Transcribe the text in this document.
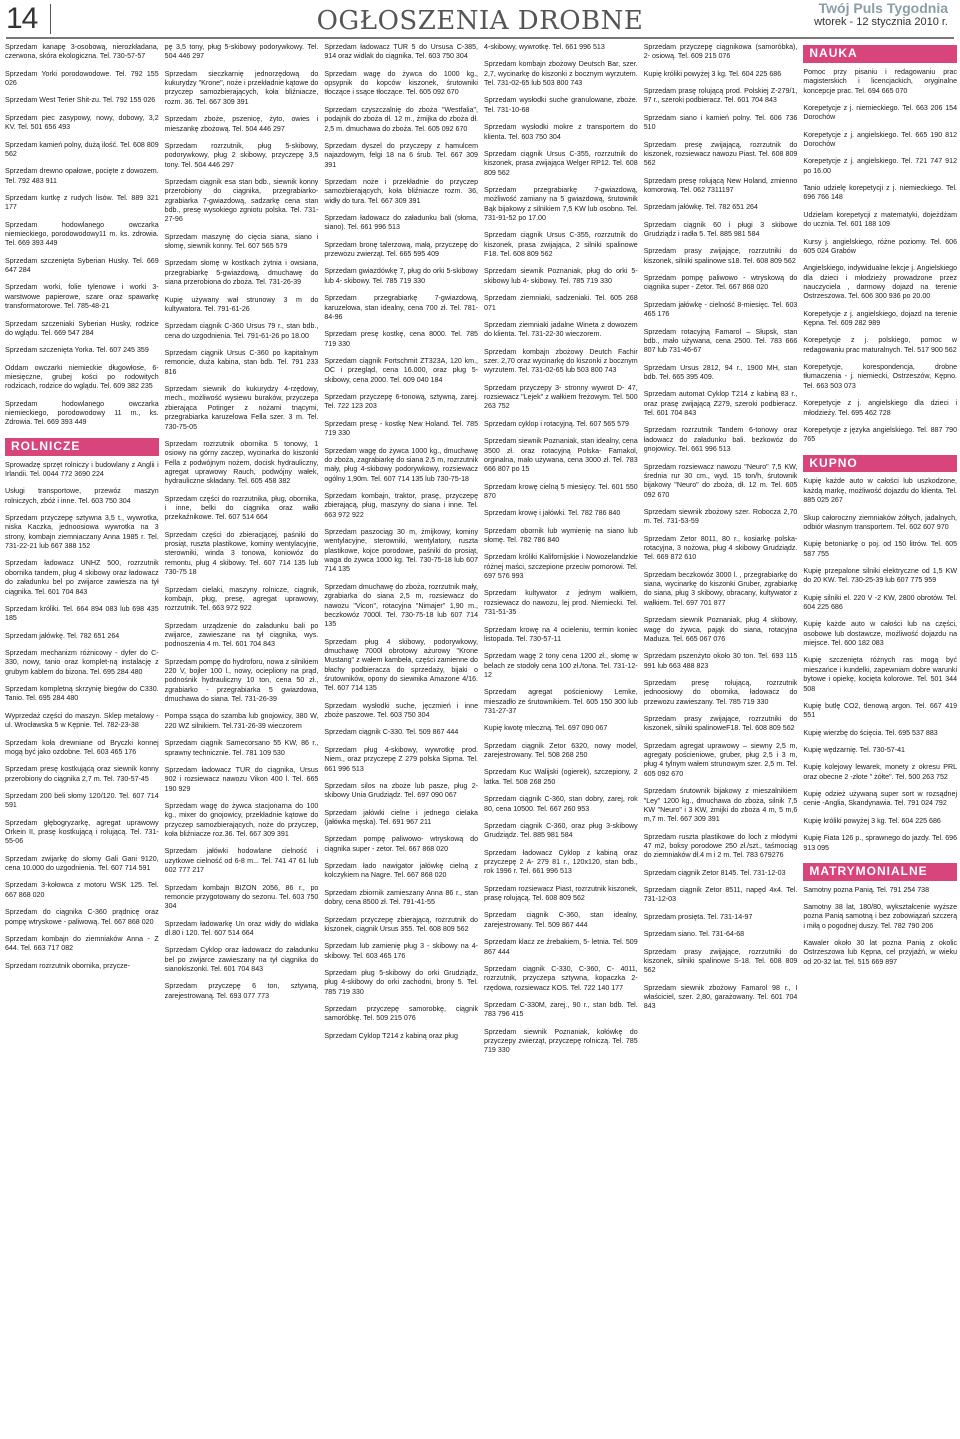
14	OGŁOSZENIA DROBNE	Twój Puls Tygodnia
wtorek - 12 stycznia 2010 r.

Sprzedam kanapę 3-osobową, nierozkładana, czerwona, skóra ekologiczna. Tel. 730-57-57

Sprzedam Yorki porodowodowe. Tel. 792 155 026

Sprzedam West Terier Shit-zu. Tel. 792 155 026

Sprzedam piec zasypowy, nowy, dobowy, 3,2 KV. Tel. 501 656 493

Sprzedam kamień polny, dużą ilość. Tel. 608 809 562

Sprzedam drewno opałowe, pocięte z dowozem. Tel. 792 483 911

Sprzedam kurtkę z rudych lisów. Tel. 889 321 177

Sprzedam hodowlanego owczarka niemieckiego, porodowodowy11 m. ks. zdrowia. Tel. 669 393 449

Sprzedam szczenięta Syberian Husky. Tel. 669 647 284

Sprzedam worki, folie tylenowe i worki 3-warstwowe papierowe, szare oraz spawarkę transformatorowe. Tel. 785-48-21

Sprzedam szczeniaki Syberian Husky, rodzice do wglądu. Tel. 669 547 284

Sprzedam szczenięta Yorka. Tel. 607 245 359

Oddam owczarki niemieckie długowłose, 6-miesięczne, grubej kości po rodowitych rodzicach, rodzice do wglądu. Tel. 609 382 235

Sprzedam hodowlanego owczarka niemieckiego, porodowodowy 11 m., ks. Zdrowia. Tel. 669 393 449

ROLNICZE

Sprowadzę sprzęt rolniczy i budowlany z Anglii i Irlandii. Tel. 0044 772 3690 224

Usługi transportowe, przewóz maszyn rolniczych, zbóż i inne. Tel. 603 750 304

Sprzedam przyczepę sztywna 3,5 t., wywrotka, niska Kaczka, jednoosiowa wywrotka na 3 strony, kombajn ziemniaczany Anna 1985 r. Tel. 731-22-21 lub 667 388 152

Sprzedam ładowacz UNHZ 500, rozrzutnik obornika tandem, pług 4 skibowy oraz ładowacz do załadunku bel po zwijarce zawiesza na tył ciągnika. Tel. 601 704 843

Sprzedam króliki. Tel. 664 894 083 lub 698 435 185

Sprzedam jałówkę. Tel. 782 651 264

Sprzedam mechanizm różnicowy - dyfer do C-330, nowy, tanio oraz komplet-ną instalację z grubym kablem do bizona. Tel. 695 284 480

Sprzedam kompletną skrzynię biegów do C330. Tanio. Tel. 695 284 480

Wyprzedaż części do maszyn. Sklep metalowy - ul. Wrocławska 5 w Kępnie. Tel. 782-23-38

Sprzedam koła drewniane od Bryczki konnej mogą być jako ozdobne. Tel. 603 465 176

Sprzedam presę kostkującą oraz siewnik konny przerobiony do ciągnika 2,7 m. Tel. 730-57-45

Sprzedam 200 beli słomy 120/120. Tel. 607 714 591

Sprzedam głębogryzarkę, agregat uprawowy Orkein II, prasę kostkującą i rolującą. Tel. 731-55-06

Sprzedam zwijarkę do słomy Gali Gani 9120, cena 10.000 do uzgodnienia. Tel. 607 714 591

Sprzedam 3-kołowca z motoru WSK 125. Tel. 667 868 020

Sprzedam do ciągnika C-360 prądnicę oraz pompę wtryskowe - paliwową. Tel. 667 868 020

Sprzedam kombajn do ziemniaków Anna - Z 644. Tel. 663 717 082

Sprzedam rozrzutnik obornika, przycze-

pę 3,5 tony, pług 5-skibowy podorywkowy. Tel. 504 446 297

Sprzedam sieczkarnię jednorzędową do kukurydzy "Krone", noże i przekładnie kątowe do przyczep samozbierających, koła bliźniacze, rozm. 36. Tel. 667 309 391

Sprzedam zboże, pszenicę, żyto, owies i mieszankę zbożową. Tel. 504 446 297

Sprzedam rozrzutnik, pług 5-skibowy, podorywkowy, pług 2 skibowy, przyczepę 3,5 tony. Tel. 504 446 297

Sprzedam ciągnik esa stan bdb., siewnik konny przerobiony do ciągnika, przegrabiarko-zgrabiarka 7-gwiazdową, sadzarkę cena stan bdb., presę wysokiego zgniotu polska. Tel. 731-27-96

Sprzedam maszynę do cięcia siana, siano i słomę, siewnik konny. Tel. 607 565 579

Sprzedam słomę w kostkach żytnia i owsiana, przegrabiarkę 5-gwiazdową, dmuchawę do siana przerobiona do zbożа. Tel. 731-26-39

Kupię używany wał strunowy 3 m do kultywatora. Tel. 791-61-26

Sprzedam ciągnik C-360 Ursus 79 r., stan bdb., cena do uzgodnienia. Tel. 791-61-26 po 18.00

Sprzedam ciągnik Ursus C-360 po kapitalnym remoncie, duża kabina, stan bdb. Tel. 791 233 816

Sprzedam siewnik do kukurydzy 4-rzędowy, mech., możliwość wysiewu buraków, przyczepa zbierająca Potinger z nożami tnącymi, przegrabiarka karuzelowa Fella szer. 3 m. Tel. 730-75-05

Sprzedam rozrzutnik obornika 5 tonowy, 1 osiowy na górny zaczep, wycinarka do kiszonki Fella z podwójnym nożem, docisk hydrauliczny, agregat uprawowy Rauch, podwójny wałek, hydrauliczne składany. Tel. 605 458 382

Sprzedam części do rozrzutnika, pług, obornika, i inne, belki do ciągnika oraz wałki przekaźnikowe. Tel. 607 514 664

Sprzedam części do zbieracjącej, paśniki do prosiąt, rusztа plastikowe, kominy wentylacyjne, sterowniki, winda 3 tonowa, koniowóz do remontu, pług 4 skibowy. Tel. 607 714 135 lub 730-75 18

Sprzedam cielaki, maszyny rolnicze, ciągnik, kombajn, pług, presę, agregat uprawowy, rozrzutnik. Tel. 663 972 922

Sprzedam urządzenie do załadunku bali po zwijarce, zawieszane na tył ciągnika, wys. podnoszenia 4 m. Tel. 601 704 843

Sprzedam pompę do hydroforu, nowa z silnikiem 220 V, bojler 100 l., nowy, ociepliony na prąd, podnośnik hydrauliczny 10 ton, cena 50 zł., zgrabiarko - przegrabiarka 5 gwiazdowa, dmuchawa do siana. Tel. 731-26-39

Pompa ssąca do szamba lub gnojowicy, 380 W, 220 WZ silnikiem. Tel.731-26-39 wieczorem

Sprzedam ciągnik Samecorsano 55 KW, 86 r., sprawny technicznie. Tel. 781 109 530

Sprzedam ładowacz TUR do ciągnika, Ursus 902 i rozsiewacz nawozu Vikon 400 l. Tel. 665 190 929

Sprzedam wagę do żywca stacjonarna do 100 kg., mixer do gnojowicy, przekładnie kątowe do przyczep samozbierających, noże do przyczep, koła bliźniacze roz.36. Tel. 667 309 391

Sprzedam jałówki hodowlane cielność i uzytkowe cielność od 6-8 m... Tel. 741 47 61 lub 602 777 217

Sprzedam kombajn BIZON 2056, 86 r., po remoncie przygotowany do sezonu. Tel. 603 750 304

Sprzedam ładowarkę Un oraz widły do widlaka dl.80 i 120. Tel. 607 514 664

Sprzedam Cyklop oraz ładowacz do załadunku bel po zwijarce zawieszany na tył ciągnika do sianokiszonki. Tel. 601 704 843

Sprzedam przyczepę 6 ton, sztywną, zarejestrowaną. Tel. 693 077 773

Sprzedam ładowacz TUR 5 do Ursusa C-385, 914 oraz widlak do ciągnika. Tel. 603 750 304

Sprzedam wagę do żywca do 1000 kg., opsypnik do kopców kiszonek, śrutowniki tłoczące i ssące tłoczące. Tel. 605 092 670

Sprzedam czyszczalnię do zboża "Westfalia", podajnik do zboża dł. 12 m., żmijka do zboża dł. 2,5 m. dmuchawa do zboża. Tel. 605 092 670

Sprzedam dyszel do przyczepy z hamulcem najazdowym, felgi 18 na 6 śrub. Tel. 667 309 391

Sprzedam noże i przekładnie do przyczep samozbierających, koła bliźniacze rozm. 36, widły do tura. Tel. 667 309 391

Sprzedam ładowacz do załadunku bali (słoma, siano). Tel. 661 996 513

Sprzedam bronę talerzową, małą, przyczepę do przewozu zwierząt. Tel. 665 595 409

Sprzedam gwiazdówkę 7, pług do orki 5-skibowy lub 4- skibowy. Tel. 785 719 330

Sprzedam przegrabiarkę 7-gwiazdową, karuzelowa, stan idealny, cena 700 zł. Tel. 781-84-96

Sprzedam presę kostkę, cena 8000. Tel. 785 719 330

Sprzedam ciągnik Fortschmit ZT323A, 120 km., OC i przegląd, cena 16.000, oraz pług 5-skibowy, cena 2000. Tel. 609 040 184

Sprzedam przyczepę 6-tonową, sztywną, zarej. Tel. 722 123 203

Sprzedam presę - kostkę New Holand. Tel. 785 719 330

Sprzedam wagę do żywca 1000 kg., dmuchawę do zboża, zagrabiarkę do siana 2,5 m, rozrzutnik mały, pług 4-skibowy podorywkowy, rozsiewacz ogólny 1,90m. Tel. 607 714 135 lub 730-75-18

Sprzedam kombajn, traktor, prasę, przyczepę zbierającą, pług, maszyny do siana i inne. Tel. 663 972 922

Sprzedam paszociąg 30 m, żmijkowy, kominy wentylacyjne, sterowniki, wentylatory, rusztа plastikowe, kojce porodowe, paśniki do prosiąt, waga do żywca 1000 kg. Tel. 730-75-18 lub 607 714 135

Sprzedam dmuchawę do zboża, rozrzutnik mały, zgrabiarka do siana 2,5 m, rozsiewacz do nawozu "Vicon", rotacyjna "Nimajer" 1,90 m., beczkowóz 7000l. Tel. 730-75-18 lub 607 714 135

Sprzedam pług 4 skibowy, podorywkowy, dmuchawę 7000l obrotowy ażurowy "Krone Mustang" z wałem kambeła, części zamienne do błachy podbieracza do sprzedaży, bijaki o śrutowników, opony do siewnika Amazone 4/16. Tel. 607 714 135

Sprzedam wysłodki suche, jęczmień i inne zboże paszowe. Tel. 603 750 304

Sprzedam ciągnik C-330. Tel. 509 867 444

Sprzedam pług 4-skibowy, wywrotkę prod. Niem., oraz przyczepę Z 279 polska Sipma. Tel. 661 996 513

Sprzedam silos na zboże lub pasze, pług 2-skibowy Unia Grudziądz. Tel. 697 090 067

Sprzedam jałówki cielne i jednego cielaka (jałówka męska). Tel. 691 967 211

Sprzedam pompę paliwowo- wtryskową do ciągnika super - zetor. Tel. 667 868 020

Sprzedam łado nawigator jałówkę cielną z kolczykiem na Nagre. Tel. 667 868 020

Sprzedam zbiornik zamieszany Anna 86 r., stan dobry, cena 8500 zł. Tel. 791-41-55

Sprzedam przyczepę zbierającą, rozrzutnik do kiszonek, ciągnik Ursus 355. Tel. 608 809 562

Sprzedam lub zamienię pług 3 - skibowy na 4-skibowy. Tel. 603 465 176

Sprzedam pług 5-skibowy do orki Grudziądz, pług 4-skibowy do orki zachodni, brony 5. Tel. 785 719 330

Sprzedam przyczepę samorobkę, ciągnik samoróbkę. Tel. 509 215 076

Sprzedam Cyklop T214 z kabiną oraz pług

4-skibowy, wywrotkę. Tel. 661 996 513

Sprzedam kombajn zbożowy Deutsch Bar, szer. 2,7, wycinarkę do kiszonki z bocznym wyrzutem. Tel. 731-02-65 lub 503 800 743

Sprzedam wysłodki suche granulowane, zboże. Tel. 731-10-68

Sprzedam wysłodki mokre z transportem do klienta. Tel. 603 750 304

Sprzedam ciągnik Ursus C-355, rozrzutnik do kiszonek, prasa zwijająca Welger RP12. Tel. 608 809 562

Sprzedam przegrabiarkę 7-gwiazdową, możliwość zamiany na 5 gwiazdową, śrutownik Bąk bijakowy z silnikiem 7,5 KW lub osobno. Tel. 731-91-52 po 17.00

Sprzedam ciągnik Ursus C-355, rozrzutnik do kiszonek, prasa zwijająca, 2 silniki spalinowe F18. Tel. 608 809 562

Sprzedam siewnik Poznaniak, pług do orki 5-skibowy lub 4- skibowy. Tel. 785 719 330

Sprzedam ziemniaki, sadzeniaki. Tel. 605 268 071

Sprzedam ziemniaki jadalne Wineta z dowozem do klienta. Tel. 731-22-30 wieczorem.

Sprzedam kombajn zbożowy Deutch Fachir szer. 2,70 oraz wycinarkę do kiszonki z bocznym wyrzutem. Tel. 731-02-65 lub 503 800 743

Sprzedam przyczepy 3- stronny wywrot D- 47, rozsiewacz "Lejek" z wałkiem freżowym. Tel. 500 263 752

Sprzedam cyklop i rotacyjną. Tel. 607 565 579

Sprzedam siewnik Poznaniak, stan idealny, cena 3500 zł. oraz rotacyjną Polska- Famakol, orginalna, mało używana, cena 3000 zł. Tel. 783 666 807 po 15

Sprzedam krowę cielną 5 miesięcy. Tel. 601 550 870

Sprzedam krowę i jałówki. Tel. 782 786 840

Sprzedam obornik lub wymienię na siano lub słomę. Tel. 782 786 840

Sprzedam króliki Kalifornijskie i Nowozelandzkie różnej maści, szczepione przeciw pomorowi. Tel. 697 576 993

Sprzedam kultywator z jednym wałkiem, rozsiewacz do nawozu, lej prod. Niemiecki. Tel. 731-51-35

Sprzedam krowę na 4 ocieleniu, termin koniec listopada. Tel. 730-57-11

Sprzedam wagę 2 tony cena 1200 zł., słomę w belach ze stodoły cena 100 zł./tona. Tel. 731-12-12

Sprzedam agregat pościeniowy Lemke, mieszadło ze śrutownikiem. Tel. 605 150 300 lub 731-27-37

Kupię kwotę mleczną. Tel. 697 090 067

Sprzedam ciągnik Zetor 6320, nowy model, zarejestrowany. Tel. 508 268 250

Sprzedam Kuc Walijski (ogierek), szczepiony, 2 latka. Tel. 508 268 250

Sprzedam ciągnik C-360, stan dobry, zarej, rok 80, cena 10500. Tel. 667 260 953

Sprzedam ciągnik C-360, oraz pług 3-skibowy Grudziądz. Tel. 885 981 584

Sprzedam ładowacz Cyklop z kabiną oraz przyczepę 2 A- 279 81 r., 120x120, stan bdb., rok 1996 r. Tel. 661 996 513

Sprzedam rozsiewacz Piast, rozrzutnik kiszonek, prasę rolującą. Tel. 608 809 562

Sprzedam ciągnik C-360, stan idealny, zarejestrowany. Tel. 509 867 444

Sprzedam klacz ze źrebakiem, 5- letnia. Tel. 509 867 444

Sprzedam ciągnik C-330, C-360, C- 4011, rozrzutnik, przyczepa sztywna, kopaczka 2-rzędowa, rozsiewacz KOS. Tel. 722 140 177

Sprzedam C-330M, zarej., 90 r., stan bdb. Tel. 783 796 415

Sprzedam siewnik Poznaniak, kołówkę do przyczepy zwierząt, przyczepę rolniczą. Tel. 785 719 330

Sprzedam przyczepę ciągnikowa (samoróbka), 2- osiową. Tel. 609 215 076

Kupię króliki powyżej 3 kg. Tel. 604 225 686

Sprzedam prasę rolującą prod. Polskiej Z-279/1, 97 r., szeroki podbieracz. Tel. 601 704 843

Sprzedam siano i kamień polny. Tel. 606 736 510

Sprzedam presę zwijającą, rozrzutnik do kiszonek, rozsiewacz nawozu Piast. Tel. 608 809 562

Sprzedam presę rolującą New Holand, zmienno komorową. Tel. 062 7311197

Sprzedam jałówkę. Tel. 782 651 264

Sprzedam ciągnik 60 i pługi 3 skibowe Grudziądz i radła 5. Tel. 885 981 584

Sprzedam prasy zwijające, rozrzutniki do kiszonek, silniki spalinowe s18. Tel. 608 809 562

Sprzedam pompę paliwowo - wtryskową do ciągnika super - Zetor. Tel. 667 868 020

Sprzedam jałówkę - cielność 8-miesięc. Tel. 603 465 176

Sprzedam rotacyjną Famarol – Słupsk, stan bdb., mało używana, cena 2500. Tel. 783 666 807 lub 731-46-67

Sprzedam Ursus 2812, 94 r., 1900 MH, stan bdb. Tel. 665 395 409.

Sprzedam automat Cyklop T214 z kabiną 83 r., oraz prasę zwijającą Z279, szeroki podbieracz. Tel. 601 704 843

Sprzedam rozrzutnik Tandem 6-tonowy oraz ładowacz do załadunku bali. bezkowóz do gnojowicy. Tel. 661 996 513

Sprzedam rozsiewacz nawozu "Neuro" 7,5 KW, średnia rur 30 cm., wyd. 15 ton/h, śrutownik bijakowy "Neuro" do zboża, dł. 12 m. Tel. 605 092 670

Sprzedam siewnik zbożowy szer. Robocza 2,70 m. Tel. 731-53-59

Sprzedam Zetor 8011, 80 r., kosiarkę polska- rotacyjna, 3 nożowa, pług 4 skibowy Grudziądz. Tel. 669 872 610

Sprzedam beczkowóz 3000 l. , przegrabiarkę do siana, wycinarkę do kiszonki Gruber, zgrabiarkę do siana, pług 3 skibowy, obracany, kultywator z wałkiem. Tel. 697 701 877

Sprzedam siewnik Poznaniak, pług 4 skibowy, wagę do żywca, pająk do siana, rotacyjna Maduza. Tel. 665 067 076

Sprzedam pszenżyto około 30 ton. Tel. 693 115 991 lub 663 488 823

Sprzedam presę rolującą, rozrzutnik jednoosiowy do obornika, ładowacz do przewozu zawieszany. Tel. 785 719 330

Sprzedam prasy zwijające, rozrzutniki do kiszonek, silniki spalinoweF18. Tel. 608 809 562

Sprzedam agregat uprawowy – siewny 2,5 m, agregaty pościeniowe, gruber, pług 2,5 i 3 m, pług 4 tylnym wałem strunowym szer. 2,5 m. Tel. 605 092 670

Sprzedam śrutownik bijakowy z mieszalnikiem "Ley" 1200 kg., dmuchawa do zboża, silnik 7,5 KW "Neuro" i 3 KW, żmijki do zboża 4 m, 5 m,6 m,7 m. Tel. 667 309 391

Sprzedam ruszta plastikowe do loch z młodymi 47 m2, boksy porodowe 250 zł./szt., taśmociąg do ziemniaków dł.4 m i 2 m. Tel. 783 679276

Sprzedam ciągnik Zetor 8145. Tel. 731-12-03

Sprzedam ciągnik Zetor 8511, napęd 4x4. Tel. 731-12-03

Sprzedam prosięta. Tel. 731-14-97

Sprzedam siano. Tel. 731-64-68

Sprzedam prasy zwijające, rozrzutniki do kiszonek, silniki spalinowe S-18. Tel. 608 809 562

Sprzedam siewnik zbożowy Famarol 98 r., I właściciel, szer. 2,80, garażowany. Tel. 601 704 843

NAUKA

Pomoc przy pisaniu i redagowaniu prac magisterskich i licencjackich, oryginalne koncepcje prac. Tel. 694 665 070

Korepetycje z j. niemieckiego. Tel. 663 206 154 Dorochów

Korepetycje z j. angielskiego. Tel. 665 190 812 Dorochów

Korepetycje z j. angielskiego. Tel. 721 747 912 po 16.00

Tanio udzielę korepetycji z j. niemieckiego. Tel. 696 766 148

Udzielam korepetycji z matematyki, dojeżdżam do ucznia. Tel. 601 188 109

Kursy j. angielskiego, różne poziomy. Tel. 606 605 024 Grabów

Angielskiego, indywidualne lekcje j. Angielskiego dla dzieci i młodzieży prowadzone przez nauczyciela , darmowy dojazd na terenie Ostrzeszowa. Tel. 606 300 936 po 20.00

Korepetycje z j. angielskiego, dojazd na terenie Kępna. Tel. 609 282 989

Korepetycje z j. polskiego, pomoc w redagowaniu prac maturalnych. Tel. 517 900 562

Korepetycje, korespondencja, drobne tłumaczenia - j. niemiecki, Ostrzeszów, Kępno. Tel. 663 503 073

Korepetycje z j. angielskiego dla dzieci i młodzieży. Tel. 695 462 728

Korepetycje z języka angielskiego. Tel. 887 790 765

KUPNO

Kupię każde auto w całości lub uszkodzone, każdą markę, możliwość dojazdu do klienta. Tel. 885 025 267

Skup całoroczny ziemniaków żółtych, jadalnych, odbiór własnym transportem. Tel. 602 607 970

Kupię betoniarkę o poj. od 150 litrów. Tel. 605 587 755

Kupię przepalone silniki elektryczne od 1,5 KW do 20 KW. Tel. 730-25-39 lub 607 775 959

Kupię silniki el. 220 V -2 KW, 2800 obrotów. Tel. 604 225 686

Kupię każde auto w całości lub na części, osobowe lub dostawcze, możliwość dojazdu na miejsce. Tel. 600 182 083

Kupię szczenięta różnych ras mogą być mieszańce i kundelki, zapewniam dobre warunki bytowe i opiekę, kocięta kolorowe. Tel. 501 344 508

Kupię butlę CO2, tlenową argon. Tel. 667 419 551

Kupię wierzbę do ścięcia. Tel. 695 537 883

Kupię wędzarnię. Tel. 730-57-41

Kupię kolejowy lewarek, monety z okresu PRL oraz obecne 2 -złote " żółte". Tel. 500 263 752

Kupię odzież używaną super sort w rozsądnej cenie -Anglia, Skandynawia. Tel. 791 024 792

Kupię króliki powyżej 3 kg. Tel. 604 225 686

Kupię Fiata 126 p., sprawnego do jazdy. Tel. 696 913 095

MATRYMONIALNE

Samotny poznа Panią. Tel. 791 254 738

Samotny 38 lat, 180/80, wykształcenie wyższe pozna Panią samotną i bez zobowiązań szczerą i miłą o pogodnej duszy. Tel. 782 790 206

Kawaler około 30 lat pozna Panią z okolic Ostrzeszowa lub Kępna, cel przyjaźń, w wieku od 20-32 lat. Tel. 515 669 897
